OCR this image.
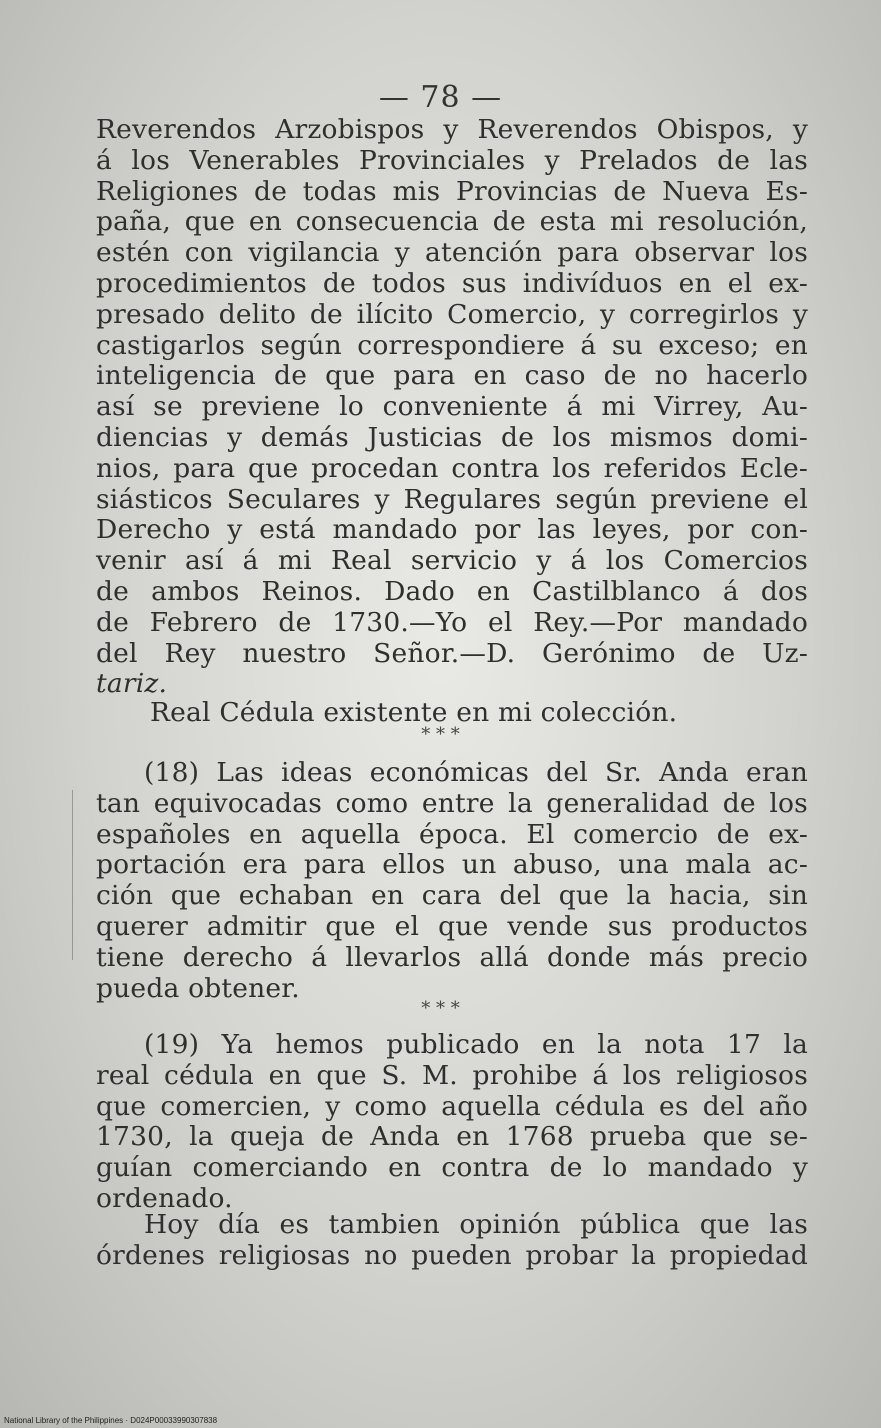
— 78 —
Reverendos Arzobispos y Reverendos Obispos, y
á los Venerables Provinciales y Prelados de las
Religiones de todas mis Provincias de Nueva Es-
paña, que en consecuencia de esta mi resolución,
estén con vigilancia y atención para observar los
procedimientos de todos sus indivíduos en el ex-
presado delito de ilícito Comercio, y corregirlos y
castigarlos según correspondiere á su exceso; en
inteligencia de que para en caso de no hacerlo
así se previene lo conveniente á mi Virrey, Au-
diencias y demás Justicias de los mismos domi-
nios, para que procedan contra los referidos Ecle-
siásticos Seculares y Regulares según previene el
Derecho y está mandado por las leyes, por con-
venir así á mi Real servicio y á los Comercios
de ambos Reinos. Dado en Castilblanco á dos
de Febrero de 1730.—Yo el Rey.—Por mandado
del Rey nuestro Señor.—D. Gerónimo de Uz-
tariz.
Real Cédula existente en mi colección.
* * *
(18) Las ideas económicas del Sr. Anda eran
tan equivocadas como entre la generalidad de los
españoles en aquella época. El comercio de ex-
portación era para ellos un abuso, una mala ac-
ción que echaban en cara del que la hacia, sin
querer admitir que el que vende sus productos
tiene derecho á llevarlos allá donde más precio
pueda obtener.
* * *
(19) Ya hemos publicado en la nota 17 la
real cédula en que S. M. prohibe á los religiosos
que comercien, y como aquella cédula es del año
1730, la queja de Anda en 1768 prueba que se-
guían comerciando en contra de lo mandado y
ordenado.
Hoy día es tambien opinión pública que las
órdenes religiosas no pueden probar la propiedad
National Library of the Philippines · D024P00033990307838
